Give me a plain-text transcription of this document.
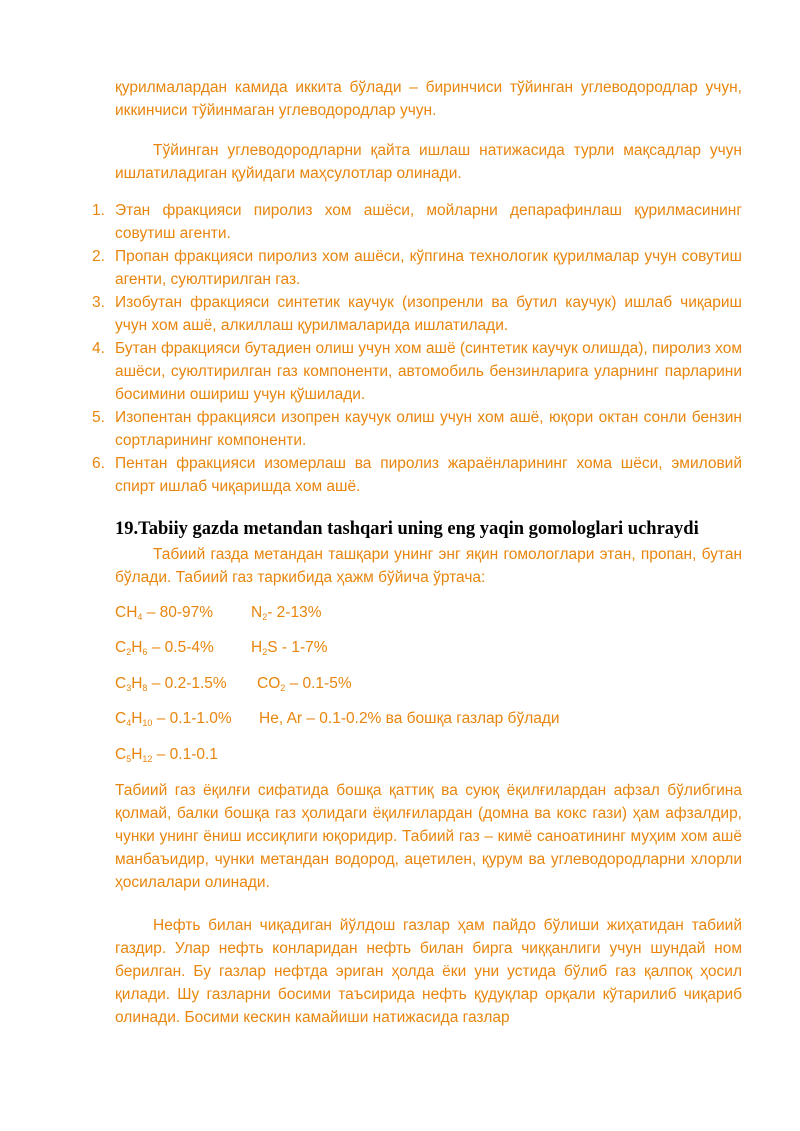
қурилмалардан камида иккита бўлади – биринчиси тўйинган углеводородлар учун, иккинчиси тўйинмаган углеводородлар учун.

Тўйинган углеводородларни қайта ишлаш натижасида турли мақсадлар учун ишлатиладиган қуйидаги маҳсулотлар олинади.

1. Этан фракцияси пиролиз хом ашёси, мойларни депарафинлаш қурилмасининг совутиш агенти.
2. Пропан фракцияси пиролиз хом ашёси, кўпгина технологик қурилмалар учун совутиш агенти, суюлтирилган газ.
3. Изобутан фракцияси синтетик каучук (изопренли ва бутил каучук) ишлаб чиқариш учун хом ашё, алкиллаш қурилмаларида ишлатилади.
4. Бутан фракцияси бутадиен олиш учун хом ашё (синтетик каучук олишда), пиролиз хом ашёси, суюлтирилган газ компоненти, автомобиль бензинларига уларнинг парларини босимини ошириш учун қўшилади.
5. Изопентан фракцияси изопрен каучук олиш учун хом ашё, юқори октан сонли бензин сортларининг компоненти.
6. Пентан фракцияси изомерлаш ва пиролиз жараёнларининг хома шёси, эмиловий спирт ишлаб чиқаришда хом ашё.
19.Tabiiy gazda metandan tashqari uning eng yaqin gomologlari uchraydi

Табиий газда метандан ташқари унинг энг яқин гомологлари этан, пропан, бутан бўлади. Табиий газ таркибида ҳажм бўйича ўртача:

$CH_4 - 80-97\%$ $N_2-$ 2-13%
$C_2H_6 - 0.5-4\%$ $H_2S - 1-7\%$
$C_3H_8 - 0.2-1.5\%$ $CO_2 - 0.1-5\%$
$C_4H_{10} - 0.1-1.0\%$ He, Ar – 0.1-0.2% ва бошқа газлар бўлади
$C_5H_{12} - 0.1-0.1$

Табиий газ ёқилғи сифатида бошқа қаттиқ ва суюқ ёқилғилардан афзал бўлибгина қолмай, балки бошқа газ ҳолидаги ёқилғилардан (домна ва кокс гази) ҳам афзалдир, чунки унинг ёниш иссиқлиги юқоридир. Табиий газ – кимё саноатининг муҳим хом ашё манбаъидир, чунки метандан водород, ацетилен, қурум ва углеводородларни хлорли ҳосилалари олинади.

Нефть билан чиқадиган йўлдош газлар ҳам пайдо бўлиши жиҳатидан табиий газдир. Улар нефть конларидан нефть билан бирга чиққанлиги учун шундай ном берилган. Бу газлар нефтда эриган ҳолда ёки уни устида бўлиб газ қалпоқ ҳосил қилади. Шу газларни босими таъсирида нефть қудуқлар орқали кўтарилиб чиқариб олинади. Босими кескин камайиши натижасида газлар
